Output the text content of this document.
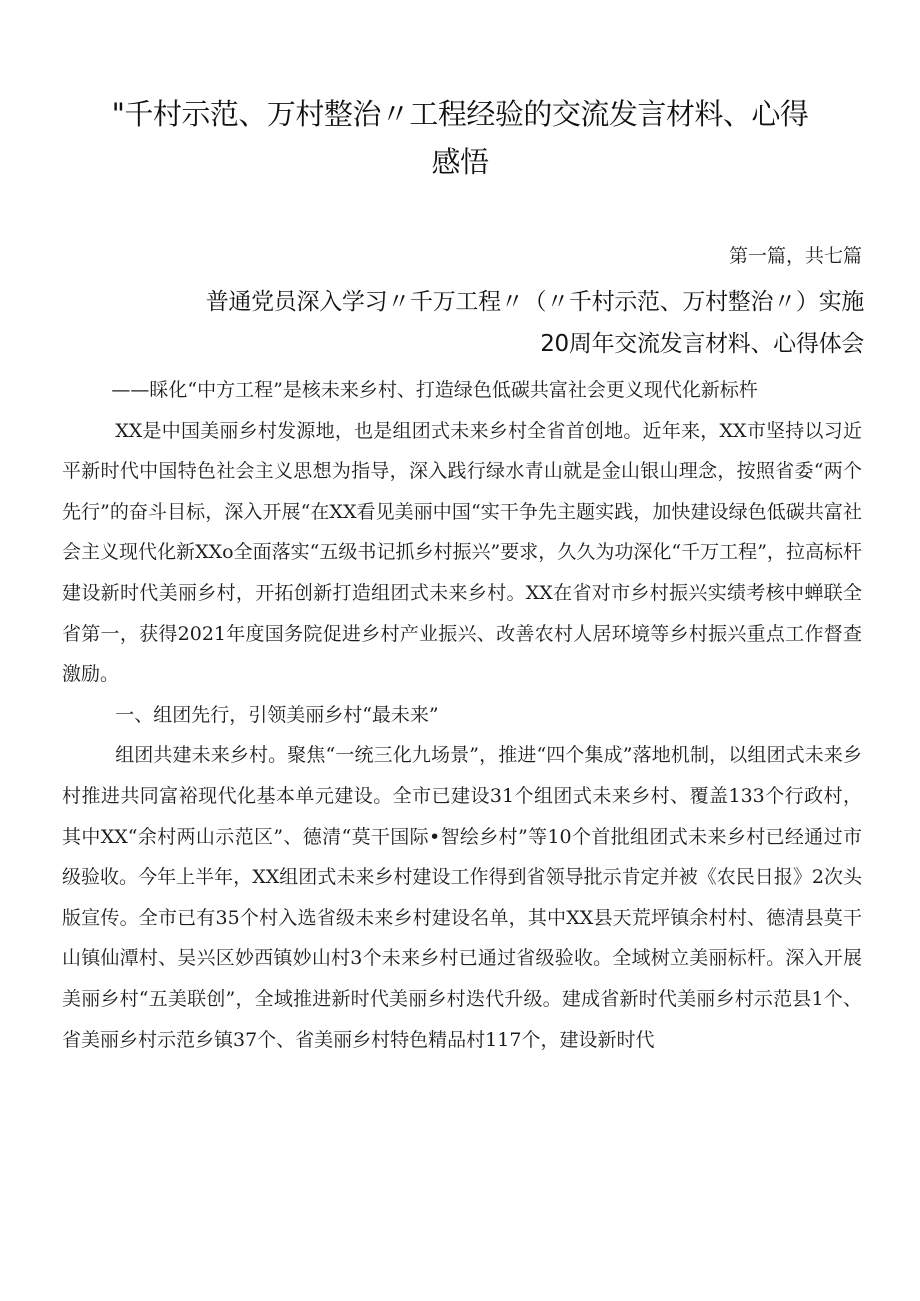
"千村示范、万村整治〃工程经验的交流发言材料、心得
感悟
第一篇，共七篇
普通党员深入学习〃千万工程〃（〃千村示范、万村整治〃）实施
20周年交流发言材料、心得体会

——睬化“中方工程”是核未来乡村、打造绿色低碳共富社会更义现代化新标杵

XX是中国美丽乡村发源地，也是组团式未来乡村全省首创地。近年来，XX市坚持以习近平新时代中国特色社会主义思想为指导，深入践行绿水青山就是金山银山理念，按照省委“两个先行”的奋斗目标，深入开展“在XX看见美丽中国“实干争先主题实践，加快建设绿色低碳共富社会主义现代化新XXo全面落实“五级书记抓乡村振兴”要求，久久为功深化“千万工程”，拉高标杆建设新时代美丽乡村，开拓创新打造组团式未来乡村。XX在省对市乡村振兴实绩考核中蝉联全省第一，获得2021年度国务院促进乡村产业振兴、改善农村人居环境等乡村振兴重点工作督查激励。

一、组团先行，引领美丽乡村“最未来”

组团共建未来乡村。聚焦“一统三化九场景”，推进“四个集成”落地机制，以组团式未来乡村推进共同富裕现代化基本单元建设。全市已建设31个组团式未来乡村、覆盖133个行政村，其中XX“余村两山示范区”、德清“莫干国际•智绘乡村”等10个首批组团式未来乡村已经通过市级验收。今年上半年，XX组团式未来乡村建设工作得到省领导批示肯定并被《农民日报》2次头版宣传。全市已有35个村入选省级未来乡村建设名单，其中XX县天荒坪镇余村村、德清县莫干山镇仙潭村、吴兴区妙西镇妙山村3个未来乡村已通过省级验收。全域树立美丽标杆。深入开展美丽乡村“五美联创”，全域推进新时代美丽乡村迭代升级。建成省新时代美丽乡村示范县1个、省美丽乡村示范乡镇37个、省美丽乡村特色精品村117个，建设新时代
